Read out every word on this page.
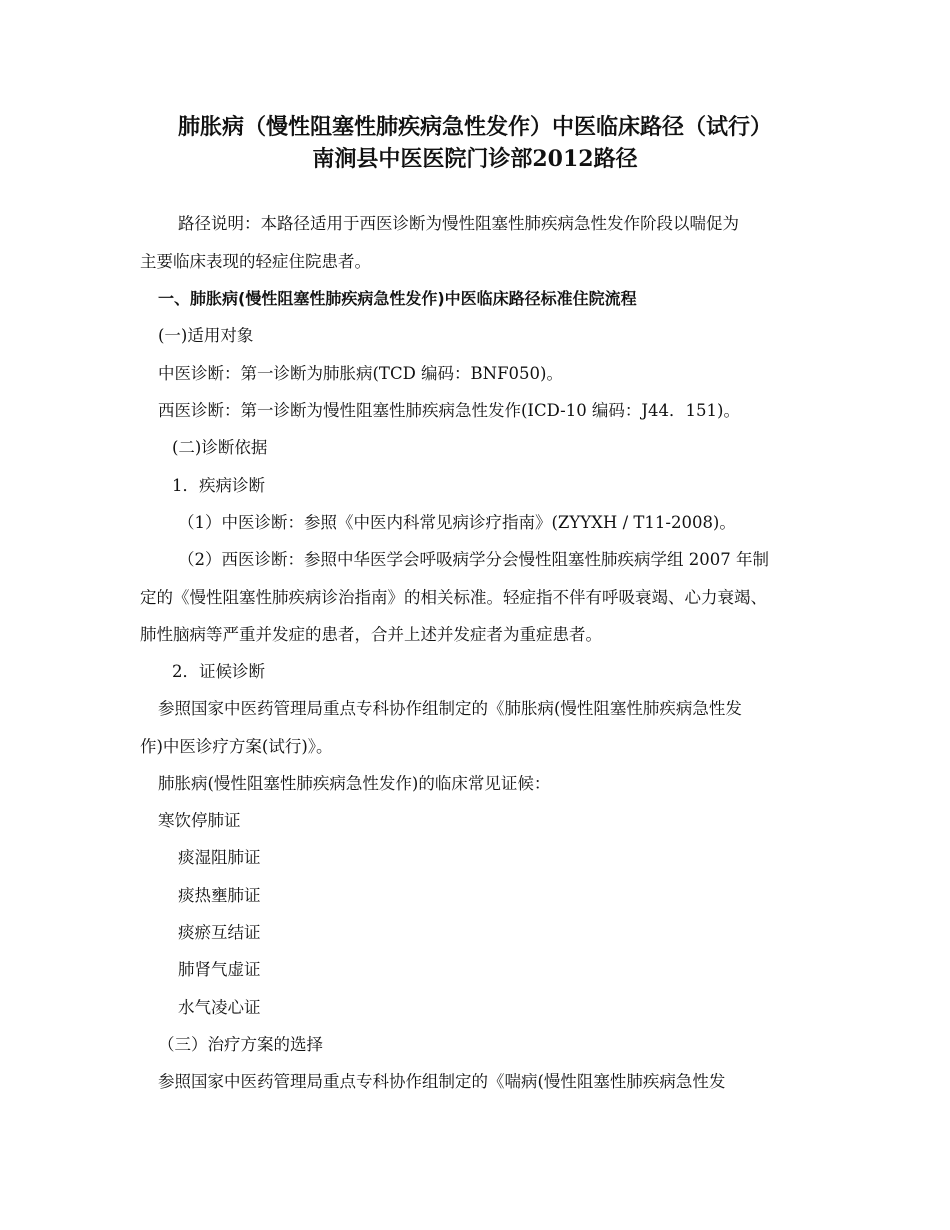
肺胀病（慢性阻塞性肺疾病急性发作）中医临床路径（试行）
南涧县中医医院门诊部2012路径
路径说明：本路径适用于西医诊断为慢性阻塞性肺疾病急性发作阶段以喘促为
主要临床表现的轻症住院患者。
一、肺胀病(慢性阻塞性肺疾病急性发作)中医临床路径标准住院流程
(一)适用对象
中医诊断：第一诊断为肺胀病(TCD 编码：BNF050)。
西医诊断：第一诊断为慢性阻塞性肺疾病急性发作(ICD-10 编码：J44．151)。
(二)诊断依据
1．疾病诊断
（1）中医诊断：参照《中医内科常见病诊疗指南》(ZYYXH / T11-2008)。
（2）西医诊断：参照中华医学会呼吸病学分会慢性阻塞性肺疾病学组 2007 年制
定的《慢性阻塞性肺疾病诊治指南》的相关标准。轻症指不伴有呼吸衰竭、心力衰竭、
肺性脑病等严重并发症的患者，合并上述并发症者为重症患者。
2．证候诊断
参照国家中医药管理局重点专科协作组制定的《肺胀病(慢性阻塞性肺疾病急性发
作)中医诊疗方案(试行)》。
肺胀病(慢性阻塞性肺疾病急性发作)的临床常见证候：
寒饮停肺证
痰湿阻肺证
痰热壅肺证
痰瘀互结证
肺肾气虚证
水气凌心证
（三）治疗方案的选择
参照国家中医药管理局重点专科协作组制定的《喘病(慢性阻塞性肺疾病急性发
